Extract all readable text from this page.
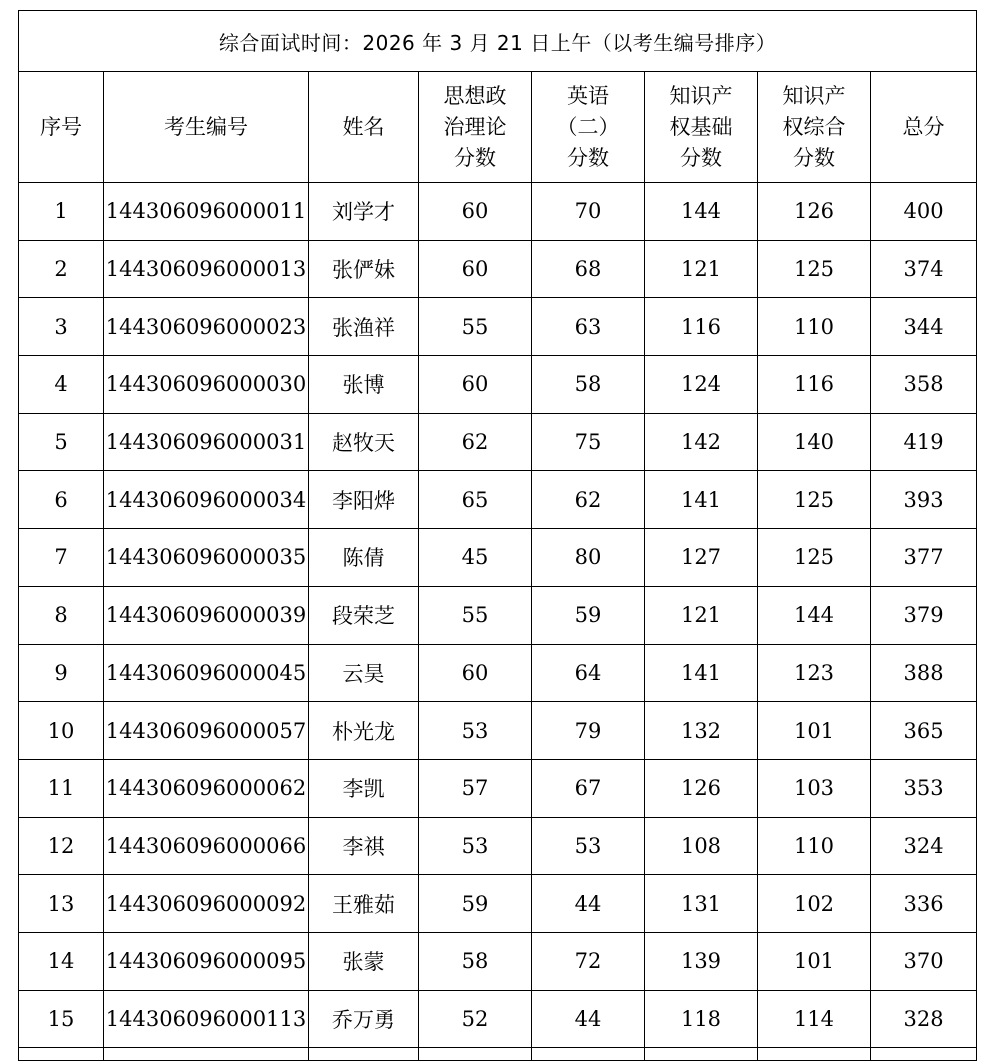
综合面试时间：2026 年 3 月 21 日上午（以考生编号排序）							
序号	考生编号	姓名	思想政
治理论
分数	英语
（二）
分数	知识产
权基础
分数	知识产
权综合
分数	总分
1	144306096000011	刘学才	60	70	144	126	400
2	144306096000013	张俨妹	60	68	121	125	374
3	144306096000023	张渔祥	55	63	116	110	344
4	144306096000030	张博	60	58	124	116	358
5	144306096000031	赵牧天	62	75	142	140	419
6	144306096000034	李阳烨	65	62	141	125	393
7	144306096000035	陈倩	45	80	127	125	377
8	144306096000039	段荣芝	55	59	121	144	379
9	144306096000045	云昊	60	64	141	123	388
10	144306096000057	朴光龙	53	79	132	101	365
11	144306096000062	李凯	57	67	126	103	353
12	144306096000066	李祺	53	53	108	110	324
13	144306096000092	王雅茹	59	44	131	102	336
14	144306096000095	张蒙	58	72	139	101	370
15	144306096000113	乔万勇	52	44	118	114	328
